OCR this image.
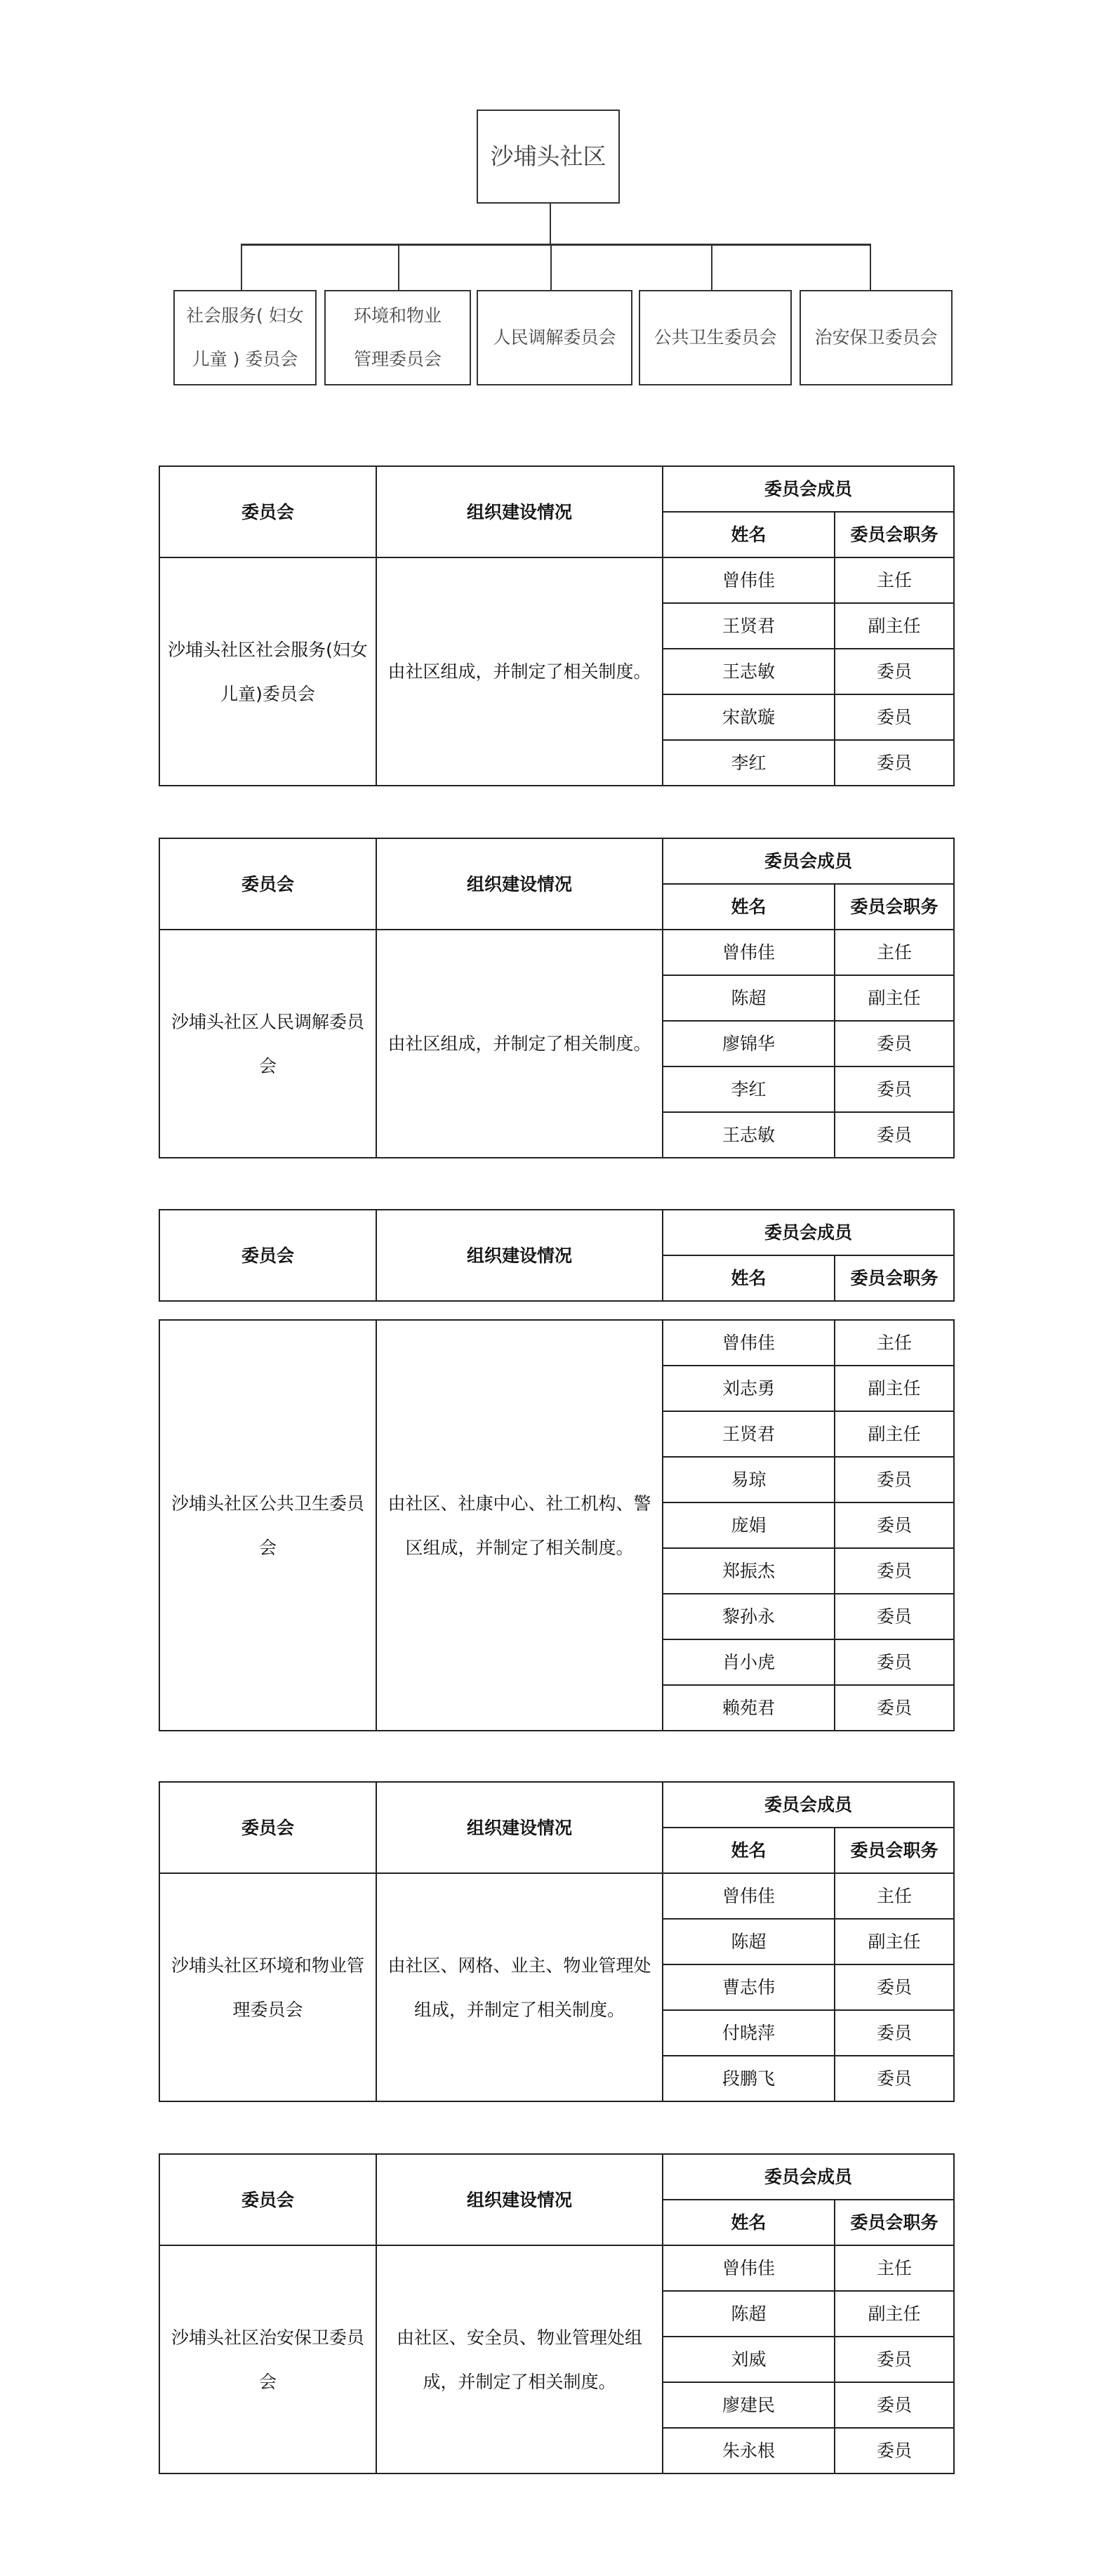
沙埔头社区
社会服务( 妇女
儿童 ) 委员会
环境和物业
管理委员会
人民调解委员会 公共卫生委员会 治安保卫委员会
委员会	组织建设情况	委员会成员	
		姓名	委员会职务
沙埔头社区社会服务(妇女儿童)委员会	由社区组成，并制定了相关制度。	曾伟佳	主任
		王贤君	副主任
		王志敏	委员
		宋歆璇	委员
		李红	委员
委员会	组织建设情况	委员会成员	
		姓名	委员会职务
沙埔头社区人民调解委员会	由社区组成，并制定了相关制度。	曾伟佳	主任
		陈超	副主任
		廖锦华	委员
		李红	委员
		王志敏	委员
委员会	组织建设情况	委员会成员	
		姓名	委员会职务
沙埔头社区公共卫生委员会	由社区、社康中心、社工机构、警区组成，并制定了相关制度。	曾伟佳	主任
		刘志勇	副主任
		王贤君	副主任
		易琼	委员
		庞娟	委员
		郑振杰	委员
		黎孙永	委员
		肖小虎	委员
		赖苑君	委员
委员会	组织建设情况	委员会成员	
		姓名	委员会职务
沙埔头社区环境和物业管理委员会	由社区、网格、业主、物业管理处组成，并制定了相关制度。	曾伟佳	主任
		陈超	副主任
		曹志伟	委员
		付晓萍	委员
		段鹏飞	委员
委员会	组织建设情况	委员会成员	
		姓名	委员会职务
沙埔头社区治安保卫委员会	由社区、安全员、物业管理处组成，并制定了相关制度。	曾伟佳	主任
		陈超	副主任
		刘威	委员
		廖建民	委员
		朱永根	委员
